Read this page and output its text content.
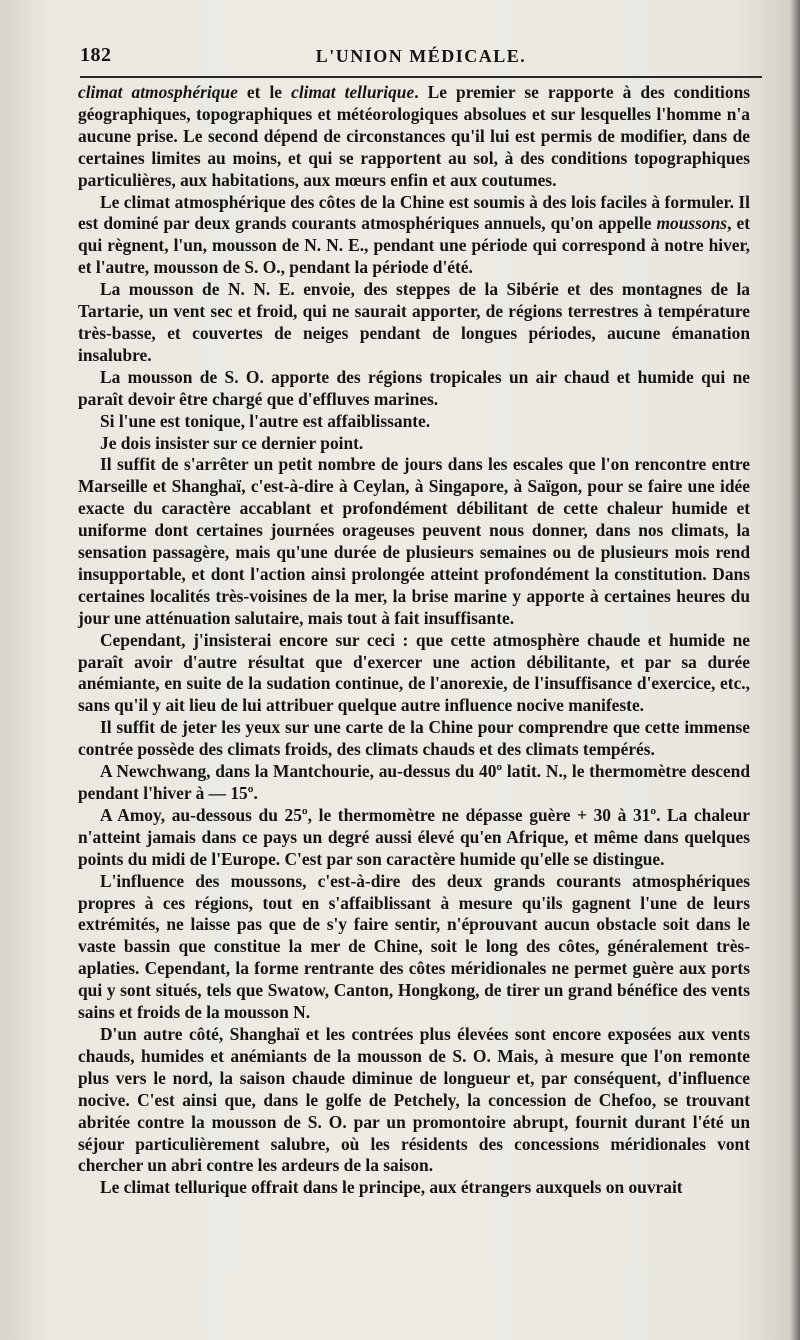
182	L'UNION MÉDICALE.

climat atmosphérique et le climat tellurique. Le premier se rapporte à des conditions géographiques, topographiques et météorologiques absolues et sur lesquelles l'homme n'a aucune prise. Le second dépend de circonstances qu'il lui est permis de modifier, dans de certaines limites au moins, et qui se rapportent au sol, à des conditions topographiques particulières, aux habitations, aux mœurs enfin et aux coutumes.

Le climat atmosphérique des côtes de la Chine est soumis à des lois faciles à formuler. Il est dominé par deux grands courants atmosphériques annuels, qu'on appelle moussons, et qui règnent, l'un, mousson de N. N. E., pendant une période qui correspond à notre hiver, et l'autre, mousson de S. O., pendant la période d'été.

La mousson de N. N. E. envoie, des steppes de la Sibérie et des montagnes de la Tartarie, un vent sec et froid, qui ne saurait apporter, de régions terrestres à température très-basse, et couvertes de neiges pendant de longues périodes, aucune émanation insalubre.

La mousson de S. O. apporte des régions tropicales un air chaud et humide qui ne paraît devoir être chargé que d'effluves marines.

Si l'une est tonique, l'autre est affaiblissante.

Je dois insister sur ce dernier point.

Il suffit de s'arrêter un petit nombre de jours dans les escales que l'on rencontre entre Marseille et Shanghaï, c'est-à-dire à Ceylan, à Singapore, à Saïgon, pour se faire une idée exacte du caractère accablant et profondément débilitant de cette chaleur humide et uniforme dont certaines journées orageuses peuvent nous donner, dans nos climats, la sensation passagère, mais qu'une durée de plusieurs semaines ou de plusieurs mois rend insupportable, et dont l'action ainsi prolongée atteint profondément la constitution. Dans certaines localités très-voisines de la mer, la brise marine y apporte à certaines heures du jour une atténuation salutaire, mais tout à fait insuffisante.

Cependant, j'insisterai encore sur ceci : que cette atmosphère chaude et humide ne paraît avoir d'autre résultat que d'exercer une action débilitante, et par sa durée anémiante, en suite de la sudation continue, de l'anorexie, de l'insuffisance d'exercice, etc., sans qu'il y ait lieu de lui attribuer quelque autre influence nocive manifeste.

Il suffit de jeter les yeux sur une carte de la Chine pour comprendre que cette immense contrée possède des climats froids, des climats chauds et des climats tempérés.

A Newchwang, dans la Mantchourie, au-dessus du 40º latit. N., le thermomètre descend pendant l'hiver à — 15º.

A Amoy, au-dessous du 25º, le thermomètre ne dépasse guère + 30 à 31º. La chaleur n'atteint jamais dans ce pays un degré aussi élevé qu'en Afrique, et même dans quelques points du midi de l'Europe. C'est par son caractère humide qu'elle se distingue.

L'influence des moussons, c'est-à-dire des deux grands courants atmosphériques propres à ces régions, tout en s'affaiblissant à mesure qu'ils gagnent l'une de leurs extrémités, ne laisse pas que de s'y faire sentir, n'éprouvant aucun obstacle soit dans le vaste bassin que constitue la mer de Chine, soit le long des côtes, généralement très-aplaties. Cependant, la forme rentrante des côtes méridionales ne permet guère aux ports qui y sont situés, tels que Swatow, Canton, Hongkong, de tirer un grand bénéfice des vents sains et froids de la mousson N.

D'un autre côté, Shanghaï et les contrées plus élevées sont encore exposées aux vents chauds, humides et anémiants de la mousson de S. O. Mais, à mesure que l'on remonte plus vers le nord, la saison chaude diminue de longueur et, par conséquent, d'influence nocive. C'est ainsi que, dans le golfe de Petchely, la concession de Chefoo, se trouvant abritée contre la mousson de S. O. par un promontoire abrupt, fournit durant l'été un séjour particulièrement salubre, où les résidents des concessions méridionales vont chercher un abri contre les ardeurs de la saison.

Le climat tellurique offrait dans le principe, aux étrangers auxquels on ouvrait
